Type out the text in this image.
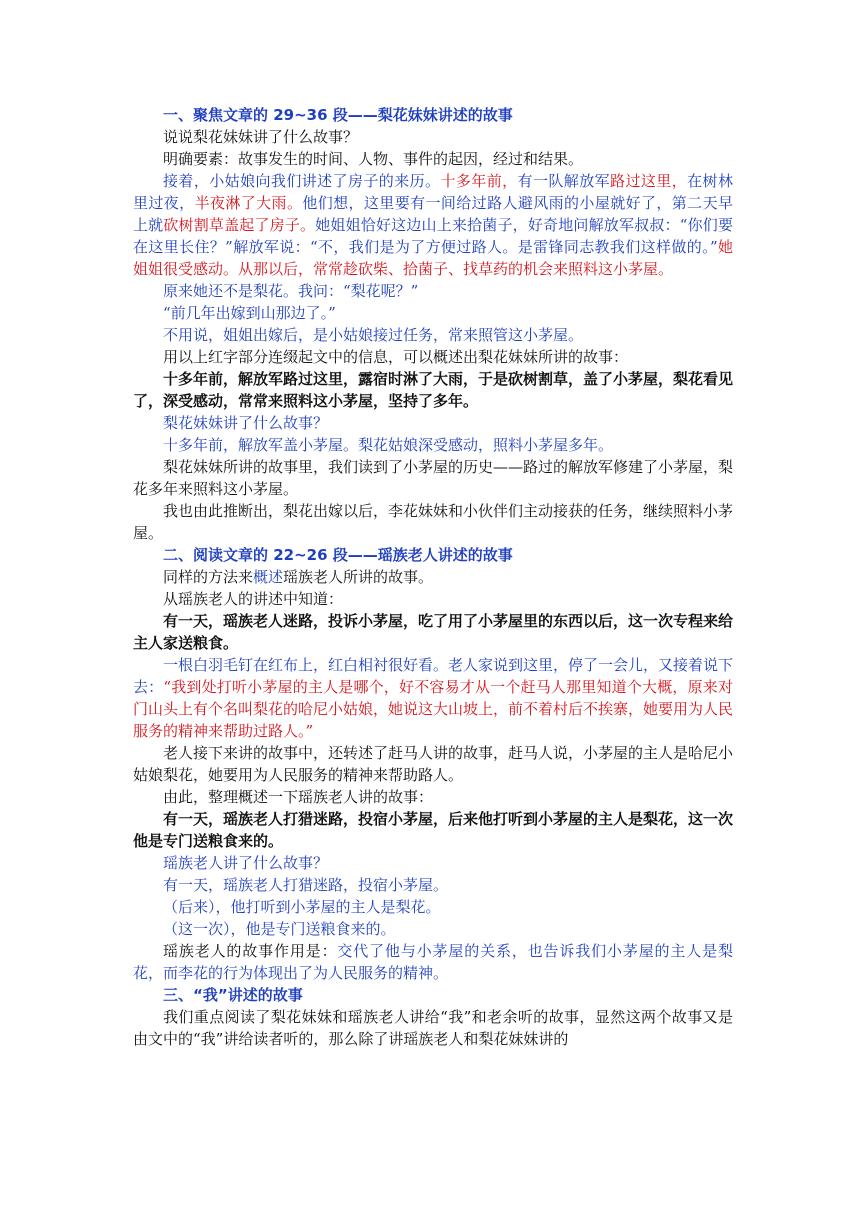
一、聚焦文章的 29~36 段——梨花妹妹讲述的故事

说说梨花妹妹讲了什么故事？

明确要素：故事发生的时间、人物、事件的起因，经过和结果。

接着，小姑娘向我们讲述了房子的来历。十多年前，有一队解放军路过这里，在树林里过夜，半夜淋了大雨。他们想，这里要有一间给过路人避风雨的小屋就好了，第二天早上就砍树割草盖起了房子。她姐姐恰好这边山上来拾菌子，好奇地问解放军叔叔：“你们要在这里长住？”解放军说：“不，我们是为了方便过路人。是雷锋同志教我们这样做的。”她姐姐很受感动。从那以后，常常趁砍柴、拾菌子、找草药的机会来照料这小茅屋。

原来她还不是梨花。我问：“梨花呢？”

“前几年出嫁到山那边了。”

不用说，姐姐出嫁后，是小姑娘接过任务，常来照管这小茅屋。

用以上红字部分连缀起文中的信息，可以概述出梨花妹妹所讲的故事：

十多年前，解放军路过这里，露宿时淋了大雨，于是砍树割草，盖了小茅屋，梨花看见了，深受感动，常常来照料这小茅屋，坚持了多年。

梨花妹妹讲了什么故事？

十多年前，解放军盖小茅屋。梨花姑娘深受感动，照料小茅屋多年。

梨花妹妹所讲的故事里，我们读到了小茅屋的历史——路过的解放军修建了小茅屋，梨花多年来照料这小茅屋。

我也由此推断出，梨花出嫁以后，李花妹妹和小伙伴们主动接获的任务，继续照料小茅屋。

二、阅读文章的 22~26 段——瑶族老人讲述的故事

同样的方法来概述瑶族老人所讲的故事。

从瑶族老人的讲述中知道：

有一天，瑶族老人迷路，投诉小茅屋，吃了用了小茅屋里的东西以后，这一次专程来给主人家送粮食。

一根白羽毛钉在红布上，红白相衬很好看。老人家说到这里，停了一会儿，又接着说下去：“我到处打听小茅屋的主人是哪个，好不容易才从一个赶马人那里知道个大概，原来对门山头上有个名叫梨花的哈尼小姑娘，她说这大山坡上，前不着村后不挨寨，她要用为人民服务的精神来帮助过路人。”

老人接下来讲的故事中，还转述了赶马人讲的故事，赶马人说，小茅屋的主人是哈尼小姑娘梨花，她要用为人民服务的精神来帮助路人。

由此，整理概述一下瑶族老人讲的故事：

有一天，瑶族老人打猎迷路，投宿小茅屋，后来他打听到小茅屋的主人是梨花，这一次他是专门送粮食来的。

瑶族老人讲了什么故事？

有一天，瑶族老人打猎迷路，投宿小茅屋。

（后来），他打听到小茅屋的主人是梨花。

（这一次），他是专门送粮食来的。

瑶族老人的故事作用是：交代了他与小茅屋的关系，也告诉我们小茅屋的主人是梨花，而李花的行为体现出了为人民服务的精神。

三、“我”讲述的故事

我们重点阅读了梨花妹妹和瑶族老人讲给“我”和老余听的故事，显然这两个故事又是由文中的“我”讲给读者听的，那么除了讲瑶族老人和梨花妹妹讲的
